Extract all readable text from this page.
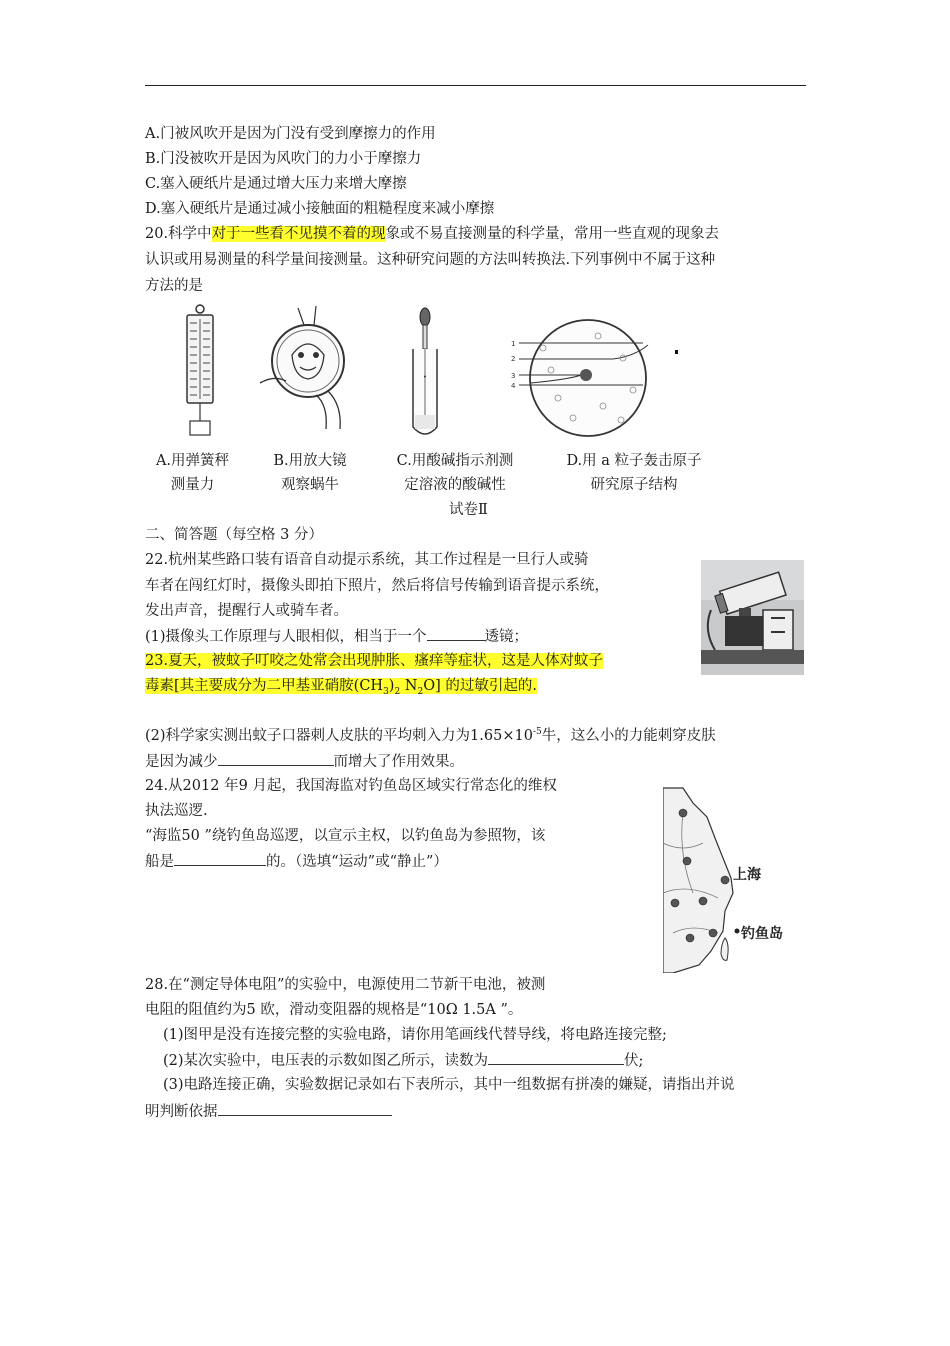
A.门被风吹开是因为门没有受到摩擦力的作用
B.门没被吹开是因为风吹门的力小于摩擦力
C.塞入硬纸片是通过增大压力来增大摩擦
D.塞入硬纸片是通过减小接触面的粗糙程度来减小摩擦
20.科学中对于一些看不见摸不着的现象或不易直接测量的科学量，常用一些直观的现象去
认识或用易测量的科学量间接测量。这种研究问题的方法叫转换法.下列事例中不属于这种
方法的是
•
1
2
3
4
A.用弹簧秤
测量力
B.用放大镜
观察蜗牛
C.用酸碱指示剂测
定溶液的酸碱性
D.用 a 粒子轰击原子
研究原子结构
试卷Ⅱ
二、简答题（每空格 3 分）
22.杭州某些路口装有语音自动提示系统，其工作过程是一旦行人或骑
车者在闯红灯时，摄像头即拍下照片，然后将信号传输到语音提示系统，
发出声音，提醒行人或骑车者。
(1)摄像头工作原理与人眼相似，相当于一个	透镜；
23.夏天，被蚊子叮咬之处常会出现肿胀、瘙痒等症状，这是人体对蚊子
毒素[其主要成分为二甲基亚硝胺$(CH_3)_2$ $N_2O$] 的过敏引起的.
(2)科学家实测出蚊子口器刺人皮肤的平均刺入力为$1.65\times 10^{-5}$牛，这么小的力能刺穿皮肤
是因为减少	而增大了作用效果。
24.从2012 年9 月起，我国海监对钓鱼岛区域实行常态化的维权
执法巡逻.
“海监50 ”绕钓鱼岛巡逻，以宣示主权，以钓鱼岛为参照物，该
船是	的。（选填“运动”或“静止”）
上海
钓鱼岛
28.在“测定导体电阻”的实验中，电源使用二节新干电池，被测
电阻的阻值约为5 欧，滑动变阻器的规格是“10Ω 1.5A ”。
(1)图甲是没有连接完整的实验电路，请你用笔画线代替导线，将电路连接完整;
(2)某次实验中，电压表的示数如图乙所示，读数为	伏;
(3)电路连接正确，实验数据记录如右下表所示，其中一组数据有拼凑的嫌疑，请指出并说
明判断依据
